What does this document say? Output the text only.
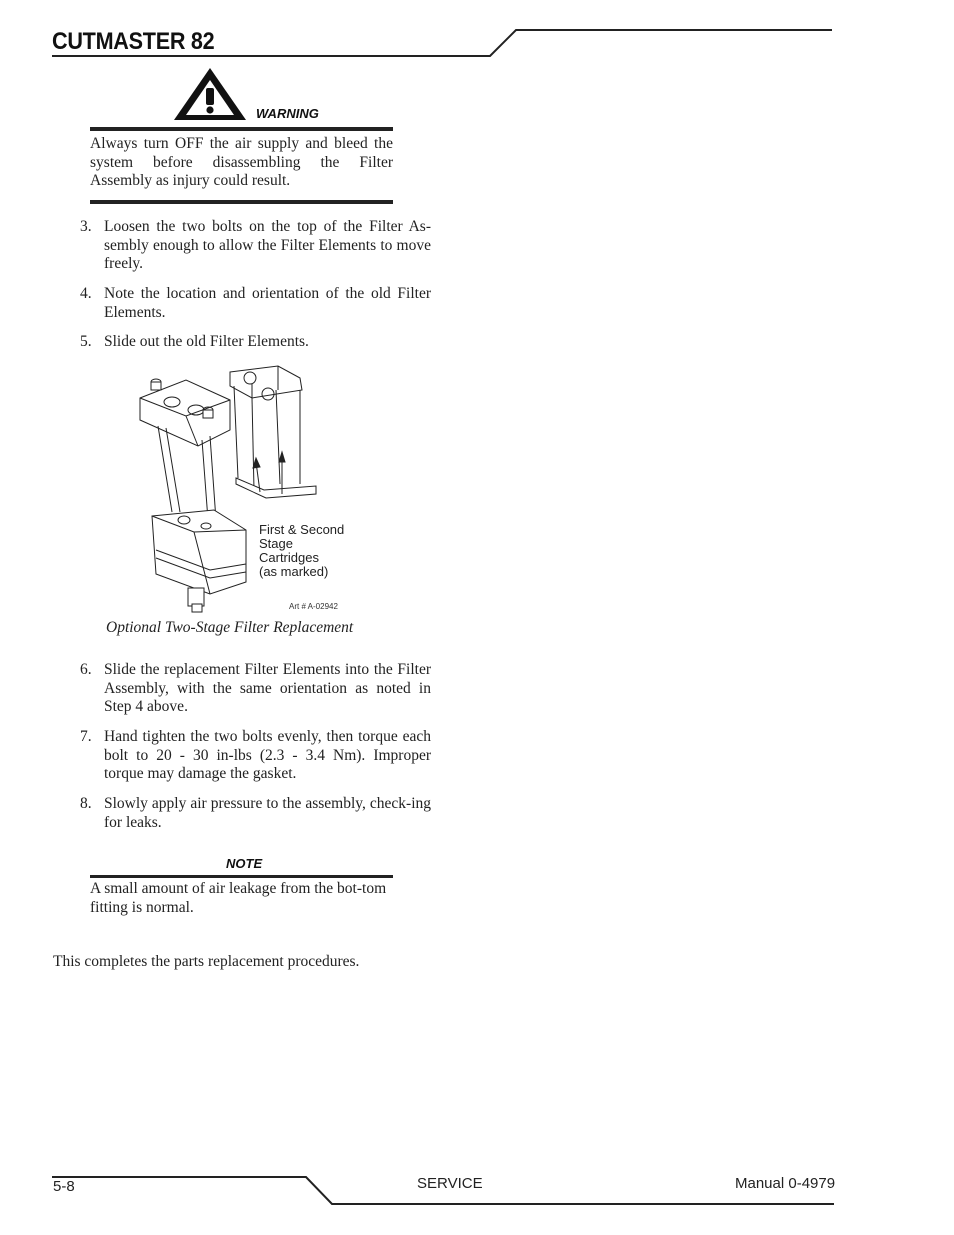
CUTMASTER 82
WARNING
Always turn OFF the air supply and bleed the system before disassembling the Filter Assembly as injury could result.
3. Loosen the two bolts on the top of the Filter As-sembly enough to allow the Filter Elements to move freely.
4. Note the location and orientation of the old Filter Elements.
5. Slide out the old Filter Elements.
First & Second
Stage
Cartridges
(as marked)
Art # A-02942
Optional Two-Stage Filter Replacement
6. Slide the replacement Filter Elements into the Filter Assembly, with the same orientation as noted in Step 4 above.
7. Hand tighten the two bolts evenly, then torque each bolt to 20 - 30 in-lbs (2.3 - 3.4 Nm). Improper torque may damage the gasket.
8. Slowly apply air pressure to the assembly, check-ing for leaks.
NOTE
A small amount of air leakage from the bot-tom fitting is normal.
This completes the parts replacement procedures.
5-8	SERVICE	Manual 0-4979
